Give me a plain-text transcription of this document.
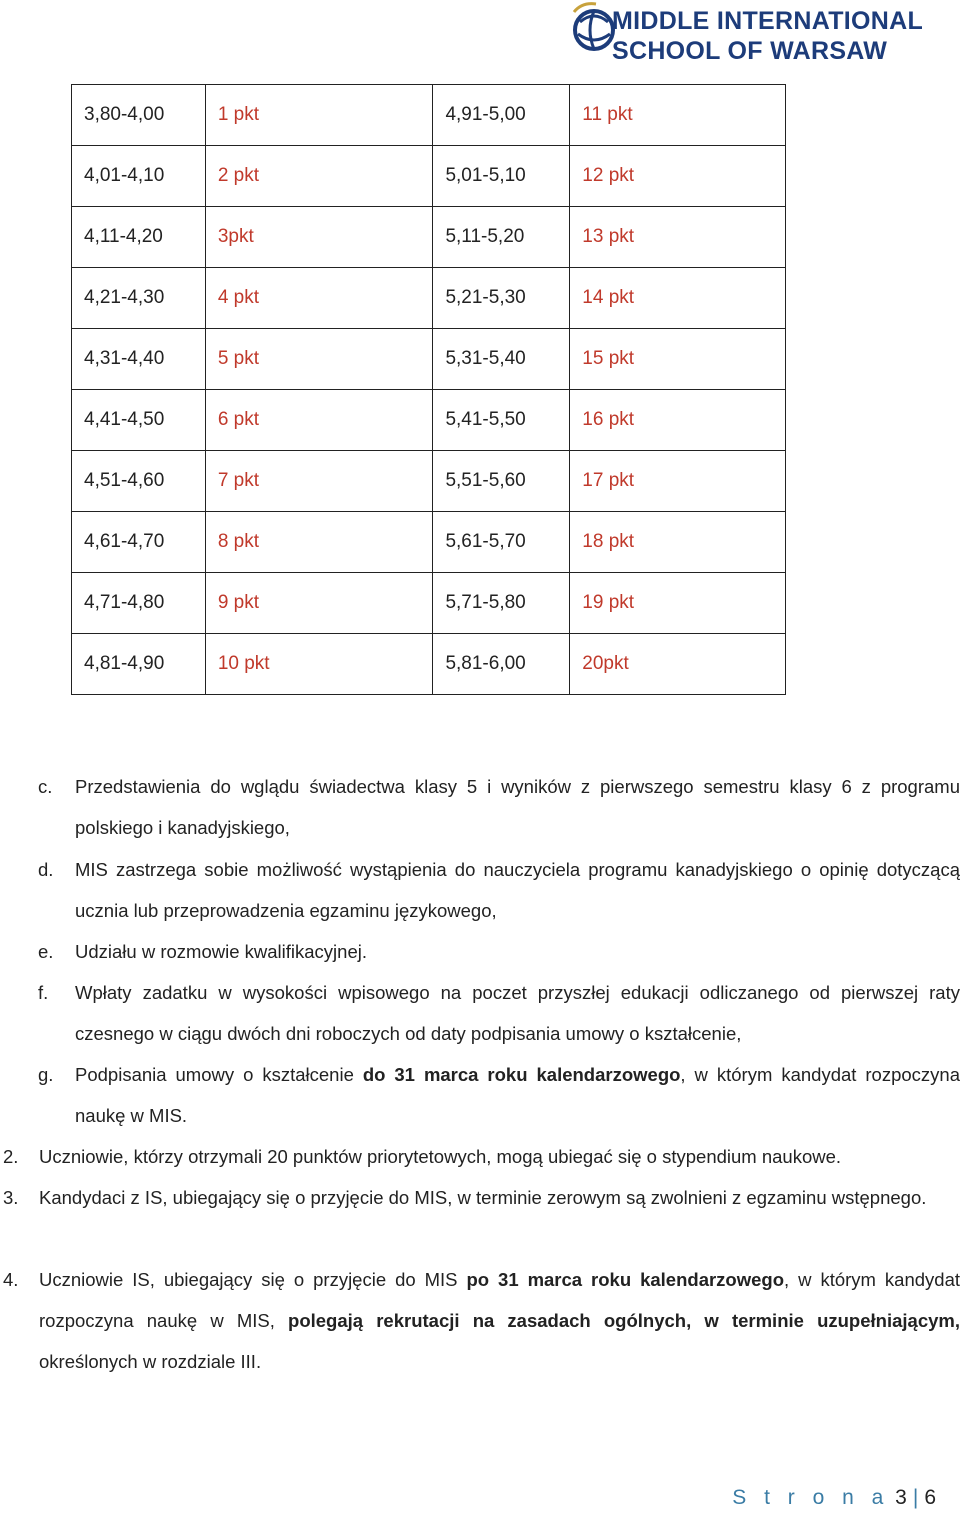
MIDDLE INTERNATIONAL
SCHOOL OF WARSAW
3,80-4,00	1 pkt	4,91-5,00	11 pkt
4,01-4,10	2 pkt	5,01-5,10	12 pkt
4,11-4,20	3pkt	5,11-5,20	13 pkt
4,21-4,30	4 pkt	5,21-5,30	14 pkt
4,31-4,40	5 pkt	5,31-5,40	15 pkt
4,41-4,50	6 pkt	5,41-5,50	16 pkt
4,51-4,60	7 pkt	5,51-5,60	17 pkt
4,61-4,70	8 pkt	5,61-5,70	18 pkt
4,71-4,80	9 pkt	5,71-5,80	19 pkt
4,81-4,90	10 pkt	5,81-6,00	20pkt
c. Przedstawienia do wglądu świadectwa klasy 5 i wyników z pierwszego semestru klasy 6 z programu polskiego i kanadyjskiego,
d. MIS zastrzega sobie możliwość wystąpienia do nauczyciela programu kanadyjskiego o opinię dotyczącą ucznia lub przeprowadzenia egzaminu językowego,
e. Udziału w rozmowie kwalifikacyjnej.
f. Wpłaty zadatku w wysokości wpisowego na poczet przyszłej edukacji odliczanego od pierwszej raty czesnego w ciągu dwóch dni roboczych od daty podpisania umowy o kształcenie,
g. Podpisania umowy o kształcenie do 31 marca roku kalendarzowego, w którym kandydat rozpoczyna naukę w MIS.
2. Uczniowie, którzy otrzymali 20 punktów priorytetowych, mogą ubiegać się o stypendium naukowe.
3. Kandydaci z IS, ubiegający się o przyjęcie do MIS, w terminie zerowym są zwolnieni z egzaminu wstępnego.
4. Uczniowie IS, ubiegający się o przyjęcie do MIS po 31 marca roku kalendarzowego, w którym kandydat rozpoczyna naukę w MIS, polegają rekrutacji na zasadach ogólnych, w terminie uzupełniającym, określonych w rozdziale III.
S t r o n a 3 | 6
